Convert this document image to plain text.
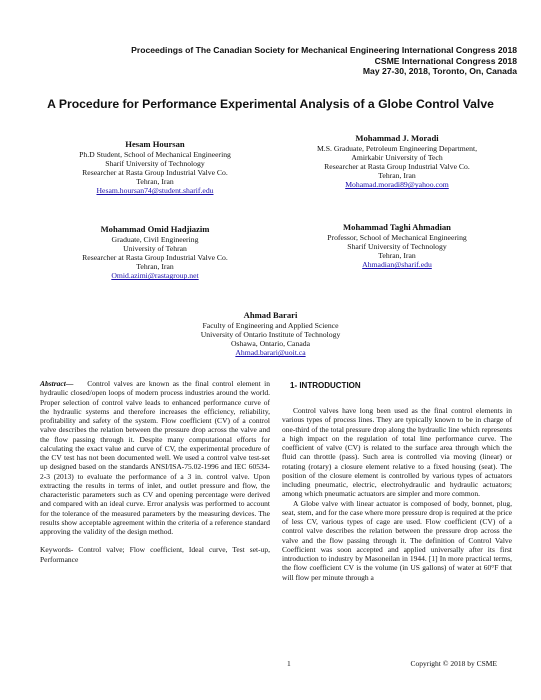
Proceedings of The Canadian Society for Mechanical Engineering International Congress 2018
CSME International Congress 2018
May 27-30, 2018, Toronto, On, Canada
A Procedure for Performance Experimental Analysis of a Globe Control Valve
Hesam Hoursan
Ph.D Student, School of Mechanical Engineering
Sharif University of Technology
Researcher at Rasta Group Industrial Valve Co.
Tehran, Iran
Hesam.hoursan74@student.sharif.edu
Mohammad J. Moradi
M.S. Graduate, Petroleum Engineering Department,
Amirkabir University of Tech
Researcher at Rasta Group Industrial Valve Co.
Tehran, Iran
Mohamad.moradi89@yahoo.com
Mohammad Omid Hadjiazim
Graduate, Civil Engineering
University of Tehran
Researcher at Rasta Group Industrial Valve Co.
Tehran, Iran
Omid.azimi@rastagroup.net
Mohammad Taghi Ahmadian
Professor, School of Mechanical Engineering
Sharif University of Technology
Tehran, Iran
Ahmadian@sharif.edu
Ahmad Barari
Faculty of Engineering and Applied Science
University of Ontario Institute of Technology
Oshawa, Ontario, Canada
Ahmad.barari@uoit.ca

Abstract— Control valves are known as the final control element in hydraulic closed/open loops of modern process industries around the world. Proper selection of control valve leads to enhanced performance curve of the hydraulic systems and therefore increases the efficiency, reliability, profitability and safety of the system. Flow coefficient (CV) of a control valve describes the relation between the pressure drop across the valve and the flow passing through it. Despite many computational efforts for calculating the exact value and curve of CV, the experimental procedure of the CV test has not been documented well. We used a control valve test-set up designed based on the standards ANSI/ISA-75.02-1996 and IEC 60534-2-3 (2013) to evaluate the performance of a 3 in. control valve. Upon extracting the results in terms of inlet, and outlet pressure and flow, the characteristic parameters such as CV and opening percentage were derived and compared with an ideal curve. Error analysis was performed to account for the tolerance of the measured parameters by the measuring devices. The results show acceptable agreement within the criteria of a reference standard approving the validity of the design method.

Keywords- Control valve; Flow coefficient, Ideal curve, Test set-up, Performance

1- INTRODUCTION

Control valves have long been used as the final control elements in various types of process lines. They are typically known to be in charge of one-third of the total pressure drop along the hydraulic line which represents a high impact on the regulation of total line performance curve. The coefficient of valve (CV) is related to the surface area through which the fluid can throttle (pass). Such area is controlled via moving (linear) or rotating (rotary) a closure element relative to a fixed housing (seat). The position of the closure element is controlled by various types of actuators including pneumatic, electric, electrohydraulic and hydraulic actuators; among which pneumatic actuators are simpler and more common.

A Globe valve with linear actuator is composed of body, bonnet, plug, seat, stem, and for the case where more pressure drop is required at the price of less CV, various types of cage are used. Flow coefficient (CV) of a control valve describes the relation between the pressure drop across the valve and the flow passing through it. The definition of Control Valve Coefficient was soon accepted and applied universally after its first introduction to industry by Masoneilan in 1944. [1] In more practical terms, the flow coefficient CV is the volume (in US gallons) of water at 60°F that will flow per minute through a

1	Copyright © 2018 by CSME
